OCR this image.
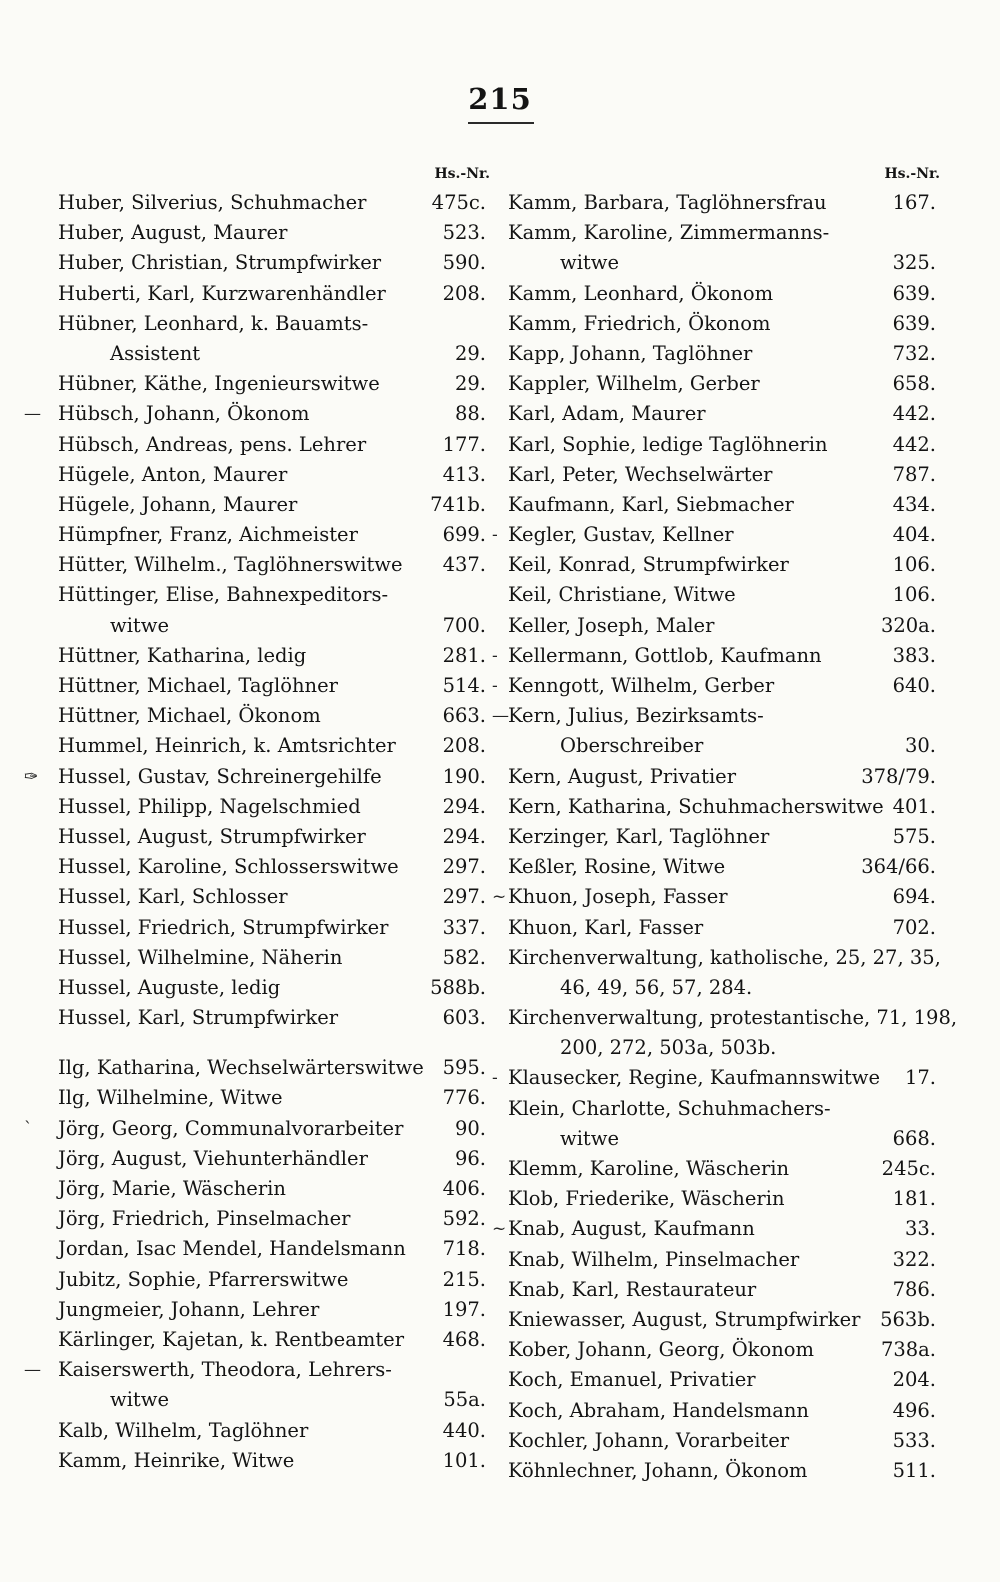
215
Hs.-Nr.
Huber, Silverius, Schuhmacher	475c.
Huber, August, Maurer	523.
Huber, Christian, Strumpfwirker	590.
Huberti, Karl, Kurzwarenhändler	208.
Hübner, Leonhard, k. Bauamts-
Assistent	29.
Hübner, Käthe, Ingenieurswitwe	29.
— Hübsch, Johann, Ökonom	88.
Hübsch, Andreas, pens. Lehrer	177.
Hügele, Anton, Maurer	413.
Hügele, Johann, Maurer	741b.
Hümpfner, Franz, Aichmeister	699.
Hütter, Wilhelm., Taglöhnerswitwe 437.
Hüttinger, Elise, Bahnexpeditors-
witwe	700.
Hüttner, Katharina, ledig	281.
Hüttner, Michael, Taglöhner	514.
Hüttner, Michael, Ökonom	663.
Hummel, Heinrich, k. Amtsrichter 208.
✑ Hussel, Gustav, Schreinergehilfe	190.
Hussel, Philipp, Nagelschmied	294.
Hussel, August, Strumpfwirker	294.
Hussel, Karoline, Schlosserswitwe 297.
Hussel, Karl, Schlosser	297.
Hussel, Friedrich, Strumpfwirker	337.
Hussel, Wilhelmine, Näherin	582.
Hussel, Auguste, ledig	588b.
Hussel, Karl, Strumpfwirker	603.
Ilg, Katharina, Wechselwärterswitwe 595.
Ilg, Wilhelmine, Witwe	776.
` Jörg, Georg, Communalvorarbeiter	90.
Jörg, August, Viehunterhändler	96.
Jörg, Marie, Wäscherin	406.
Jörg, Friedrich, Pinselmacher	592.
Jordan, Isac Mendel, Handelsmann 718.
Jubitz, Sophie, Pfarrerswitwe	215.
Jungmeier, Johann, Lehrer	197.
Kärlinger, Kajetan, k. Rentbeamter 468.
— Kaiserswerth, Theodora, Lehrers-
witwe	55a.
Kalb, Wilhelm, Taglöhner	440.
Kamm, Heinrike, Witwe	101.
Hs.-Nr.
Kamm, Barbara, Taglöhnersfrau	167.
Kamm, Karoline, Zimmermanns-
witwe	325.
Kamm, Leonhard, Ökonom	639.
Kamm, Friedrich, Ökonom	639.
Kapp, Johann, Taglöhner	732.
Kappler, Wilhelm, Gerber	658.
Karl, Adam, Maurer	442.
Karl, Sophie, ledige Taglöhnerin	442.
Karl, Peter, Wechselwärter	787.
Kaufmann, Karl, Siebmacher	434.
- Kegler, Gustav, Kellner	404.
Keil, Konrad, Strumpfwirker	106.
Keil, Christiane, Witwe	106.
Keller, Joseph, Maler	320a.
- Kellermann, Gottlob, Kaufmann	383.
- Kenngott, Wilhelm, Gerber	640.
— Kern, Julius, Bezirksamts-
Oberschreiber	30.
Kern, August, Privatier	378/79.
Kern, Katharina, Schuhmacherswitwe 401.
Kerzinger, Karl, Taglöhner	575.
Keßler, Rosine, Witwe	364/66.
~ Khuon, Joseph, Fasser	694.
Khuon, Karl, Fasser	702.
Kirchenverwaltung, katholische, 25, 27, 35,
46, 49, 56, 57, 284.
Kirchenverwaltung, protestantische, 71, 198,
200, 272, 503a, 503b.
- Klausecker, Regine, Kaufmannswitwe 17.
Klein, Charlotte, Schuhmachers-
witwe	668.
Klemm, Karoline, Wäscherin	245c.
Klob, Friederike, Wäscherin	181.
~ Knab, August, Kaufmann	33.
Knab, Wilhelm, Pinselmacher	322.
Knab, Karl, Restaurateur	786.
Kniewasser, August, Strumpfwirker 563b.
Kober, Johann, Georg, Ökonom	738a.
Koch, Emanuel, Privatier	204.
Koch, Abraham, Handelsmann	496.
Kochler, Johann, Vorarbeiter	533.
Köhnlechner, Johann, Ökonom	511.
